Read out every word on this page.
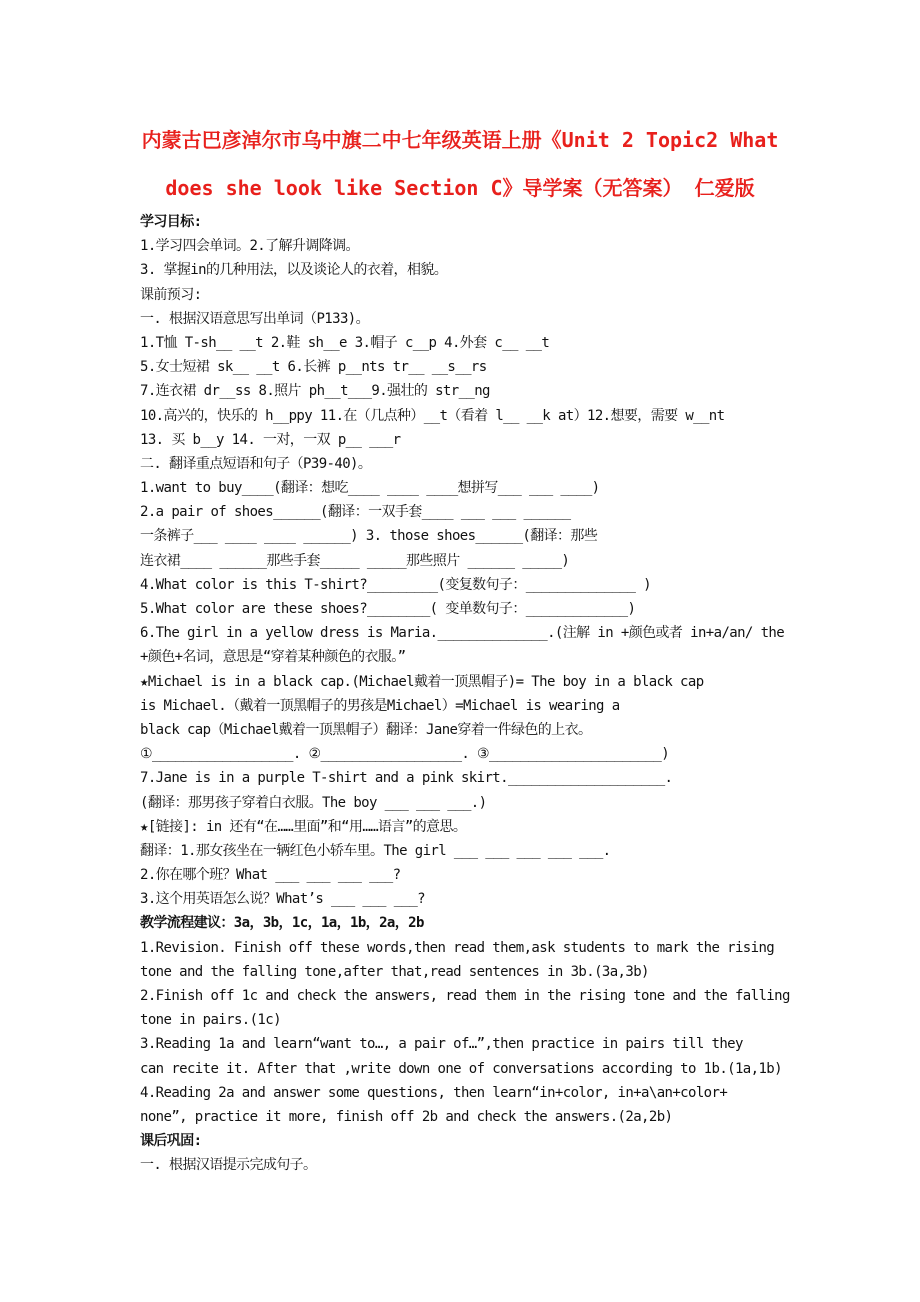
内蒙古巴彦淖尔市乌中旗二中七年级英语上册《Unit 2 Topic2 What
does she look like Section C》导学案（无答案） 仁爱版
学习目标:
1.学习四会单词。2.了解升调降调。
3. 掌握in的几种用法，以及谈论人的衣着，相貌。
课前预习:
一. 根据汉语意思写出单词（P133)。
1.T恤 T-sh__ __t 2.鞋 sh__e 3.帽子 c__p 4.外套 c__ __t
5.女士短裙 sk__ __t 6.长裤 p__nts tr__ __s__rs
7.连衣裙 dr__ss 8.照片 ph__t___9.强壮的 str__ng
10.高兴的，快乐的 h__ppy 11.在（几点种）__t（看着 l__ __k at）12.想要，需要 w__nt
13. 买 b__y 14. 一对，一双 p__ ___r
二. 翻译重点短语和句子（P39-40)。
1.want to buy____(翻译：想吃____ ____ ____想拼写___ ___ ____)
2.a pair of shoes______(翻译：一双手套____ ___ ___ ______
一条裤子___ ____ ____ ______) 3. those shoes______(翻译：那些
连衣裙____ ______那些手套_____ _____那些照片 ______ _____)
4.What color is this T-shirt?_________(变复数句子：______________ )
5.What color are these shoes?________( 变单数句子：_____________)
6.The girl in a yellow dress is Maria.______________.(注解 in +颜色或者 in+a/an/ the
+颜色+名词，意思是“穿着某种颜色的衣服。”
★Michael is in a black cap.(Michael戴着一顶黑帽子)= The boy in a black cap
is Michael.（戴着一顶黑帽子的男孩是Michael）=Michael is wearing a
black cap（Michael戴着一顶黑帽子）翻译：Jane穿着一件绿色的上衣。
①__________________. ②__________________. ③______________________)
7.Jane is in a purple T-shirt and a pink skirt.____________________.
(翻译：那男孩子穿着白衣服。The boy ___ ___ ___.)
★[链接]: in 还有“在……里面”和“用……语言”的意思。
翻译：1.那女孩坐在一辆红色小轿车里。The girl ___ ___ ___ ___ ___.
2.你在哪个班？What ___ ___ ___ ___?
3.这个用英语怎么说？What’s ___ ___ ___?
教学流程建议：3a，3b，1c，1a，1b，2a，2b
1.Revision. Finish off these words,then read them,ask students to mark the rising
tone and the falling tone,after that,read sentences in 3b.(3a,3b)
2.Finish off 1c and check the answers, read them in the rising tone and the falling
tone in pairs.(1c)
3.Reading 1a and learn“want to…, a pair of…”,then practice in pairs till they
can recite it. After that ,write down one of conversations according to 1b.(1a,1b)
4.Reading 2a and answer some questions, then learn“in+color, in+a\an+color+
none”, practice it more, finish off 2b and check the answers.(2a,2b)
课后巩固:
一. 根据汉语提示完成句子。
